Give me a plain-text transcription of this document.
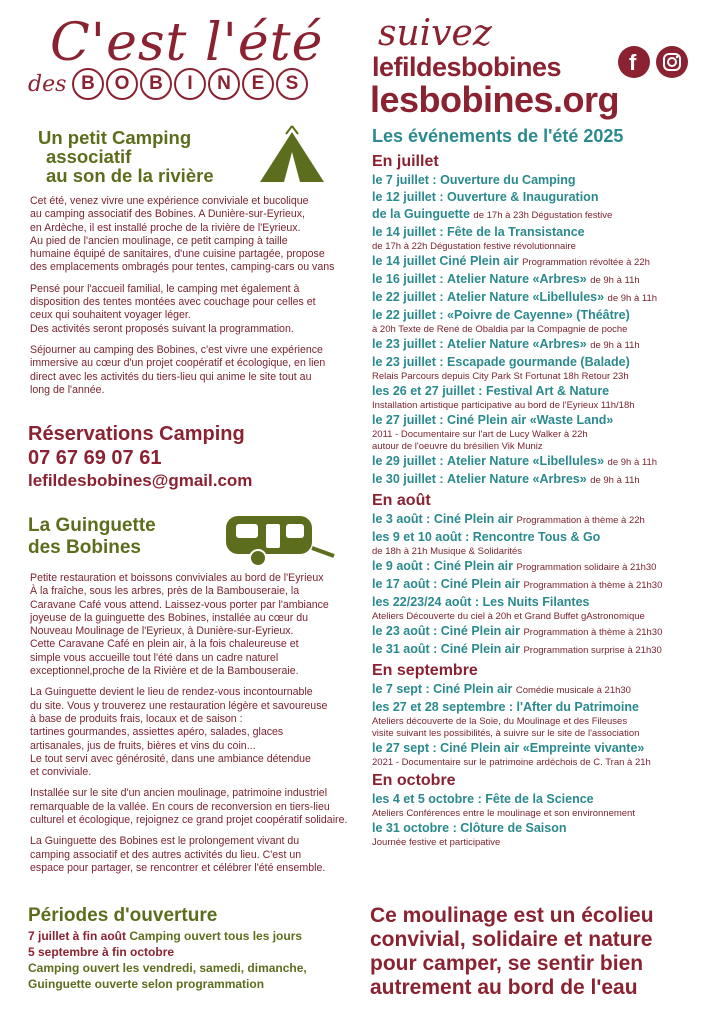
C'est l'été
des B O B I N E S
suivez
lefildesbobines	f
lesbobines.org
Un petit Camping
associatif
au son de la rivière

Cet été, venez vivre une expérience conviviale et bucolique
au camping associatif des Bobines. A Dunière-sur-Eyrieux,
en Ardèche, il est installé proche de la rivière de l'Eyrieux.
Au pied de l'ancien moulinage, ce petit camping à taille
humaine équipé de sanitaires, d'une cuisine partagée, propose
des emplacements ombragés pour tentes, camping-cars ou vans

Pensé pour l'accueil familial, le camping met également à
disposition des tentes montées avec couchage pour celles et
ceux qui souhaitent voyager léger.
Des activités seront proposés suivant la programmation.

Séjourner au camping des Bobines, c'est vivre une expérience
immersive au cœur d'un projet coopératif et écologique, en lien
direct avec les activités du tiers-lieu qui anime le site tout au
long de l'année.

Réservations Camping
07 67 69 07 61
lefildesbobines@gmail.com
La Guinguette
des Bobines

Petite restauration et boissons conviviales au bord de l'Eyrieux
À la fraîche, sous les arbres, près de la Bambouseraie, la
Caravane Café vous attend. Laissez-vous porter par l'ambiance
joyeuse de la guinguette des Bobines, installée au cœur du
Nouveau Moulinage de l'Eyrieux, à Dunière-sur-Eyrieux.
Cette Caravane Café en plein air, à la fois chaleureuse et
simple vous accueille tout l'été dans un cadre naturel
exceptionnel,proche de la Rivière et de la Bambouseraie.

La Guinguette devient le lieu de rendez-vous incontournable
du site. Vous y trouverez une restauration légère et savoureuse
à base de produits frais, locaux et de saison :
tartines gourmandes, assiettes apéro, salades, glaces
artisanales, jus de fruits, bières et vins du coin...
Le tout servi avec générosité, dans une ambiance détendue
et conviviale.

Installée sur le site d'un ancien moulinage, patrimoine industriel
remarquable de la vallée. En cours de reconversion en tiers-lieu
culturel et écologique, rejoignez ce grand projet coopératif solidaire.

La Guinguette des Bobines est le prolongement vivant du
camping associatif et des autres activités du lieu. C'est un
espace pour partager, se rencontrer et célébrer l'été ensemble.

Périodes d'ouverture
7 juillet à fin août Camping ouvert tous les jours
5 septembre à fin octobre
Camping ouvert les vendredi, samedi, dimanche,
Guinguette ouverte selon programmation
Les événements de l'été 2025
En juillet
le 7 juillet : Ouverture du Camping
le 12 juillet : Ouverture & Inauguration
de la Guinguette de 17h à 23h Dégustation festive
le 14 juillet : Fête de la Transistance
de 17h à 22h Dégustation festive révolutionnaire
le 14 juillet Ciné Plein air Programmation révoltée à 22h
le 16 juillet : Atelier Nature «Arbres» de 9h à 11h
le 22 juillet : Atelier Nature «Libellules» de 9h à 11h
le 22 juillet : «Poivre de Cayenne» (Théâtre)
à 20h Texte de René de Obaldia par la Compagnie de poche
le 23 juillet : Atelier Nature «Arbres» de 9h à 11h
le 23 juillet : Escapade gourmande (Balade)
Relais Parcours depuis City Park St Fortunat 18h Retour 23h
les 26 et 27 juillet : Festival Art & Nature
Installation artistique participative au bord de l'Eyrieux 11h/18h
le 27 juillet : Ciné Plein air «Waste Land»
2011 - Documentaire sur l'art de Lucy Walker à 22h
autour de l'oeuvre du brésilien Vik Muniz
le 29 juillet : Atelier Nature «Libellules» de 9h à 11h
le 30 juillet : Atelier Nature «Arbres» de 9h à 11h
En août
le 3 août : Ciné Plein air Programmation à thème à 22h
les 9 et 10 août : Rencontre Tous & Go
de 18h à 21h Musique & Solidarités
le 9 août : Ciné Plein air Programmation solidaire à 21h30
le 17 août : Ciné Plein air Programmation à thème à 21h30
les 22/23/24 août : Les Nuits Filantes
Ateliers Découverte du ciel à 20h et Grand Buffet gAstronomique
le 23 août : Ciné Plein air Programmation à thème à 21h30
le 31 août : Ciné Plein air Programmation surprise à 21h30
En septembre
le 7 sept : Ciné Plein air Comédie musicale à 21h30
les 27 et 28 septembre : l'After du Patrimoine
Ateliers découverte de la Soie, du Moulinage et des Fileuses
visite suivant les possibilités, à suivre sur le site de l'association
le 27 sept : Ciné Plein air «Empreinte vivante»
2021 - Documentaire sur le patrimoine ardéchois de C. Tran à 21h
En octobre
les 4 et 5 octobre : Fête de la Science
Ateliers Conférences entre le moulinage et son environnement
le 31 octobre : Clôture de Saison
Journée festive et participative
Ce moulinage est un écolieu
convivial, solidaire et nature
pour camper, se sentir bien
autrement au bord de l'eau
